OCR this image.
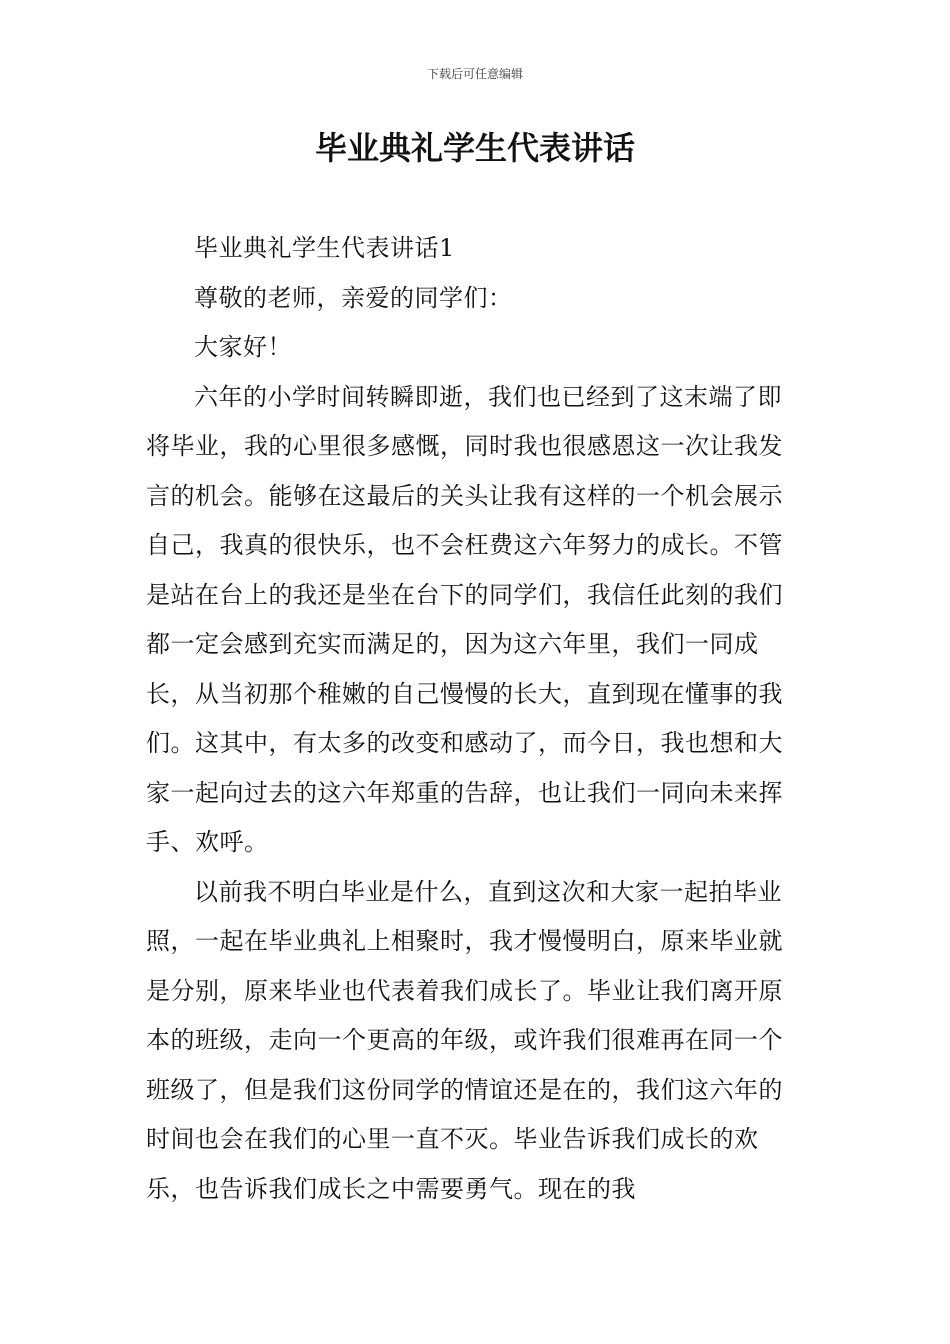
下载后可任意编辑
毕业典礼学生代表讲话

毕业典礼学生代表讲话1

尊敬的老师，亲爱的同学们：

大家好！

六年的小学时间转瞬即逝，我们也已经到了这末端了即将毕业，我的心里很多感慨，同时我也很感恩这一次让我发言的机会。能够在这最后的关头让我有这样的一个机会展示自己，我真的很快乐，也不会枉费这六年努力的成长。不管是站在台上的我还是坐在台下的同学们，我信任此刻的我们都一定会感到充实而满足的，因为这六年里，我们一同成长，从当初那个稚嫩的自己慢慢的长大，直到现在懂事的我们。这其中，有太多的改变和感动了，而今日，我也想和大家一起向过去的这六年郑重的告辞，也让我们一同向未来挥手、欢呼。

以前我不明白毕业是什么，直到这次和大家一起拍毕业照，一起在毕业典礼上相聚时，我才慢慢明白，原来毕业就是分别，原来毕业也代表着我们成长了。毕业让我们离开原本的班级，走向一个更高的年级，或许我们很难再在同一个班级了，但是我们这份同学的情谊还是在的，我们这六年的时间也会在我们的心里一直不灭。毕业告诉我们成长的欢乐，也告诉我们成长之中需要勇气。现在的我
